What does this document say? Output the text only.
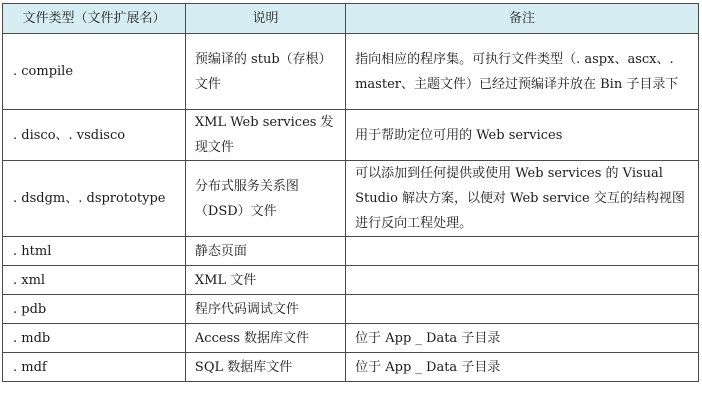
文件类型（文件扩展名）	说明	备注
. compile	预编译的 stub（存根）文件	指向相应的程序集。可执行文件类型（. aspx、ascx、. master、主题文件）已经过预编译并放在 Bin 子目录下
. disco、. vsdisco	XML Web services 发现文件	用于帮助定位可用的 Web services
. dsdgm、. dsprototype	分布式服务关系图（DSD）文件	可以添加到任何提供或使用 Web services 的 Visual Studio 解决方案，以便对 Web service 交互的结构视图进行反向工程处理。
. html	静态页面	
. xml	XML 文件	
. pdb	程序代码调试文件	
. mdb	Access 数据库文件	位于 App _ Data 子目录
. mdf	SQL 数据库文件	位于 App _ Data 子目录
